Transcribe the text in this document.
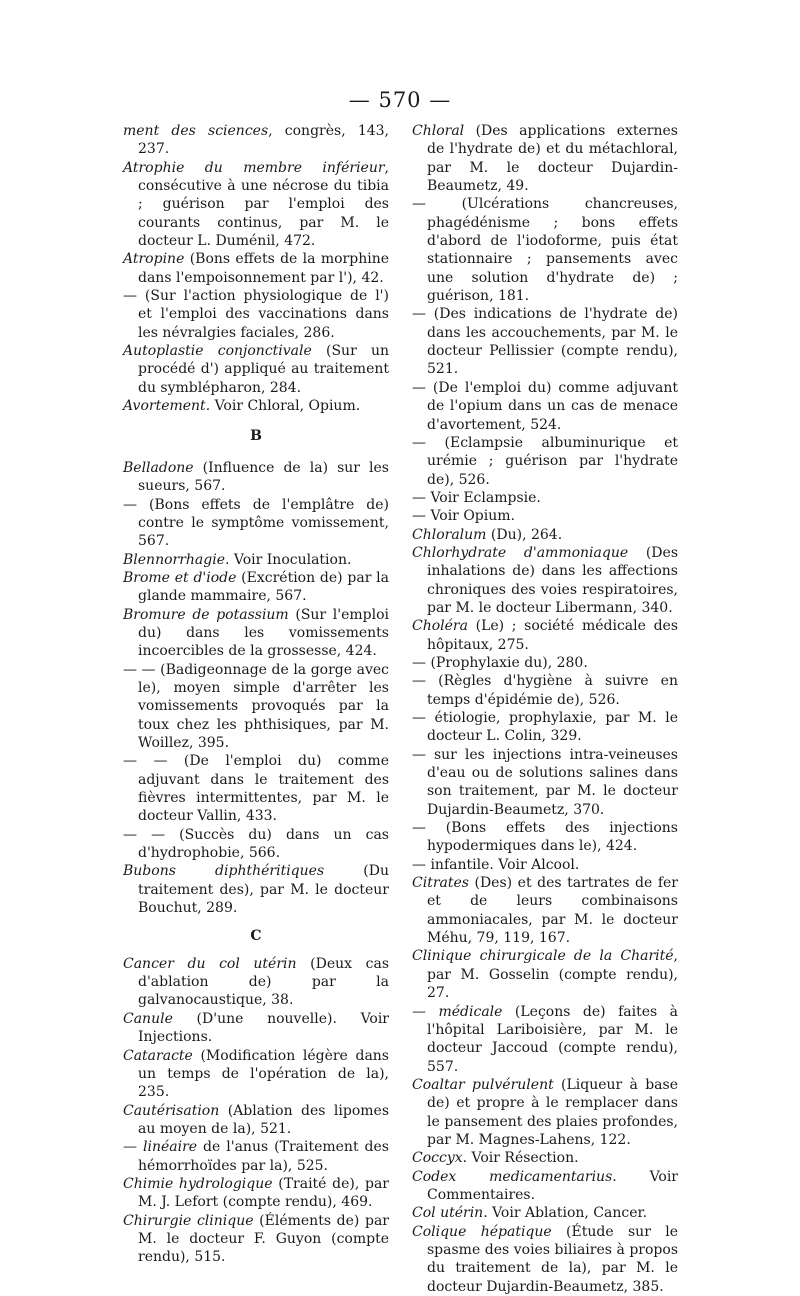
— 570 —
ment des sciences, congrès, 143, 237.
Atrophie du membre inférieur, consécutive à une nécrose du tibia ; guérison par l'emploi des courants continus, par M. le docteur L. Duménil, 472.
Atropine (Bons effets de la morphine dans l'empoisonnement par l'), 42.
— (Sur l'action physiologique de l') et l'emploi des vaccinations dans les névralgies faciales, 286.
Autoplastie conjonctivale (Sur un procédé d') appliqué au traitement du symblépharon, 284.
Avortement. Voir Chloral, Opium.
B
Belladone (Influence de la) sur les sueurs, 567.
— (Bons effets de l'emplâtre de) contre le symptôme vomissement, 567.
Blennorrhagie. Voir Inoculation.
Brome et d'iode (Excrétion de) par la glande mammaire, 567.
Bromure de potassium (Sur l'emploi du) dans les vomissements incoercibles de la grossesse, 424.
— — (Badigeonnage de la gorge avec le), moyen simple d'arrêter les vomissements provoqués par la toux chez les phthisiques, par M. Woillez, 395.
— — (De l'emploi du) comme adjuvant dans le traitement des fièvres intermittentes, par M. le docteur Vallin, 433.
— — (Succès du) dans un cas d'hydrophobie, 566.
Bubons diphthéritiques (Du traitement des), par M. le docteur Bouchut, 289.
C
Cancer du col utérin (Deux cas d'ablation de) par la galvanocaustique, 38.
Canule (D'une nouvelle). Voir Injections.
Cataracte (Modification légère dans un temps de l'opération de la), 235.
Cautérisation (Ablation des lipomes au moyen de la), 521.
— linéaire de l'anus (Traitement des hémorrhoïdes par la), 525.
Chimie hydrologique (Traité de), par M. J. Lefort (compte rendu), 469.
Chirurgie clinique (Éléments de) par M. le docteur F. Guyon (compte rendu), 515.
Chloral (Des applications externes de l'hydrate de) et du métachloral, par M. le docteur Dujardin-Beaumetz, 49.
— (Ulcérations chancreuses, phagédénisme ; bons effets d'abord de l'iodoforme, puis état stationnaire ; pansements avec une solution d'hydrate de) ; guérison, 181.
— (Des indications de l'hydrate de) dans les accouchements, par M. le docteur Pellissier (compte rendu), 521.
— (De l'emploi du) comme adjuvant de l'opium dans un cas de menace d'avortement, 524.
— (Eclampsie albuminurique et urémie ; guérison par l'hydrate de), 526.
— Voir Eclampsie.
— Voir Opium.
Chloralum (Du), 264.
Chlorhydrate d'ammoniaque (Des inhalations de) dans les affections chroniques des voies respiratoires, par M. le docteur Libermann, 340.
Choléra (Le) ; société médicale des hôpitaux, 275.
— (Prophylaxie du), 280.
— (Règles d'hygiène à suivre en temps d'épidémie de), 526.
— étiologie, prophylaxie, par M. le docteur L. Colin, 329.
— sur les injections intra-veineuses d'eau ou de solutions salines dans son traitement, par M. le docteur Dujardin-Beaumetz, 370.
— (Bons effets des injections hypodermiques dans le), 424.
— infantile. Voir Alcool.
Citrates (Des) et des tartrates de fer et de leurs combinaisons ammoniacales, par M. le docteur Méhu, 79, 119, 167.
Clinique chirurgicale de la Charité, par M. Gosselin (compte rendu), 27.
— médicale (Leçons de) faites à l'hôpital Lariboisière, par M. le docteur Jaccoud (compte rendu), 557.
Coaltar pulvérulent (Liqueur à base de) et propre à le remplacer dans le pansement des plaies profondes, par M. Magnes-Lahens, 122.
Coccyx. Voir Résection.
Codex medicamentarius. Voir Commentaires.
Col utérin. Voir Ablation, Cancer.
Colique hépatique (Étude sur le spasme des voies biliaires à propos du traitement de la), par M. le docteur Dujardin-Beaumetz, 385.
